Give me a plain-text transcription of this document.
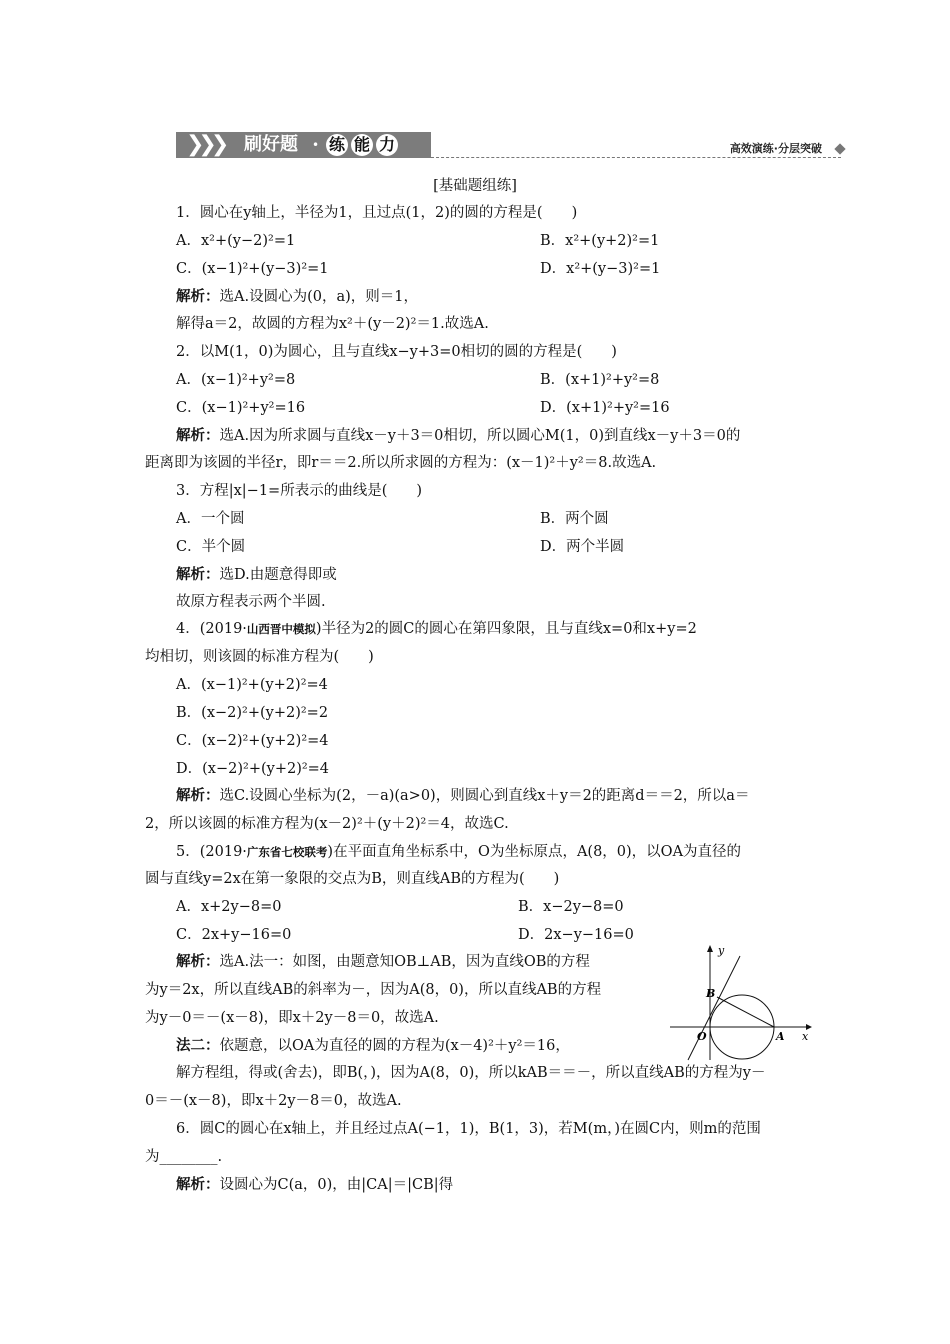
❯❯❯ 刷好题 • 练 能 力	高效演练·分层突破
[基础题组练]
1．圆心在y轴上，半径为1，且过点(1，2)的圆的方程是(　　)
A．x²+(y−2)²=1	B．x²+(y+2)²=1
C．(x−1)²+(y−3)²=1	D．x²+(y−3)²=1
解析：选A.设圆心为(0，a)，则＝1，
解得a＝2，故圆的方程为x²＋(y－2)²＝1.故选A.
2．以M(1，0)为圆心，且与直线x−y+3=0相切的圆的方程是(　　)
A．(x−1)²+y²=8	B．(x+1)²+y²=8
C．(x−1)²+y²=16	D．(x+1)²+y²=16
解析：选A.因为所求圆与直线x－y＋3＝0相切，所以圆心M(1，0)到直线x－y＋3＝0的
距离即为该圆的半径r，即r＝＝2.所以所求圆的方程为：(x－1)²＋y²＝8.故选A.
3．方程|x|−1=所表示的曲线是(　　)
A．一个圆	B．两个圆
C．半个圆	D．两个半圆
解析：选D.由题意得即或
故原方程表示两个半圆.
4．(2019·山西晋中模拟)半径为2的圆C的圆心在第四象限，且与直线x=0和x+y=2
均相切，则该圆的标准方程为(　　)
A．(x−1)²+(y+2)²=4
B．(x−2)²+(y+2)²=2
C．(x−2)²+(y+2)²=4
D．(x−2)²+(y+2)²=4
解析：选C.设圆心坐标为(2，－a)(a>0)，则圆心到直线x＋y＝2的距离d＝＝2，所以a＝
2，所以该圆的标准方程为(x－2)²＋(y＋2)²＝4，故选C.
5．(2019·广东省七校联考)在平面直角坐标系中，O为坐标原点，A(8，0)，以OA为直径的
圆与直线y=2x在第一象限的交点为B，则直线AB的方程为(　　)
A．x+2y−8=0	B．x−2y−8=0
C．2x+y−16=0	D．2x−y−16=0
解析：选A.法一：如图，由题意知OB⊥AB，因为直线OB的方程
为y＝2x，所以直线AB的斜率为－，因为A(8，0)，所以直线AB的方程
为y－0＝－(x－8)，即x＋2y－8＝0，故选A.
法二：依题意，以OA为直径的圆的方程为(x－4)²＋y²＝16，
解方程组，得或(舍去)，即B(，)，因为A(8，0)，所以kAB＝＝－，所以直线AB的方程为y－
0＝－(x－8)，即x＋2y－8＝0，故选A.
y
x
O	A
B
6．圆C的圆心在x轴上，并且经过点A(−1，1)，B(1，3)，若M(m，)在圆C内，则m的范围
为________.
解析：设圆心为C(a，0)，由|CA|＝|CB|得
